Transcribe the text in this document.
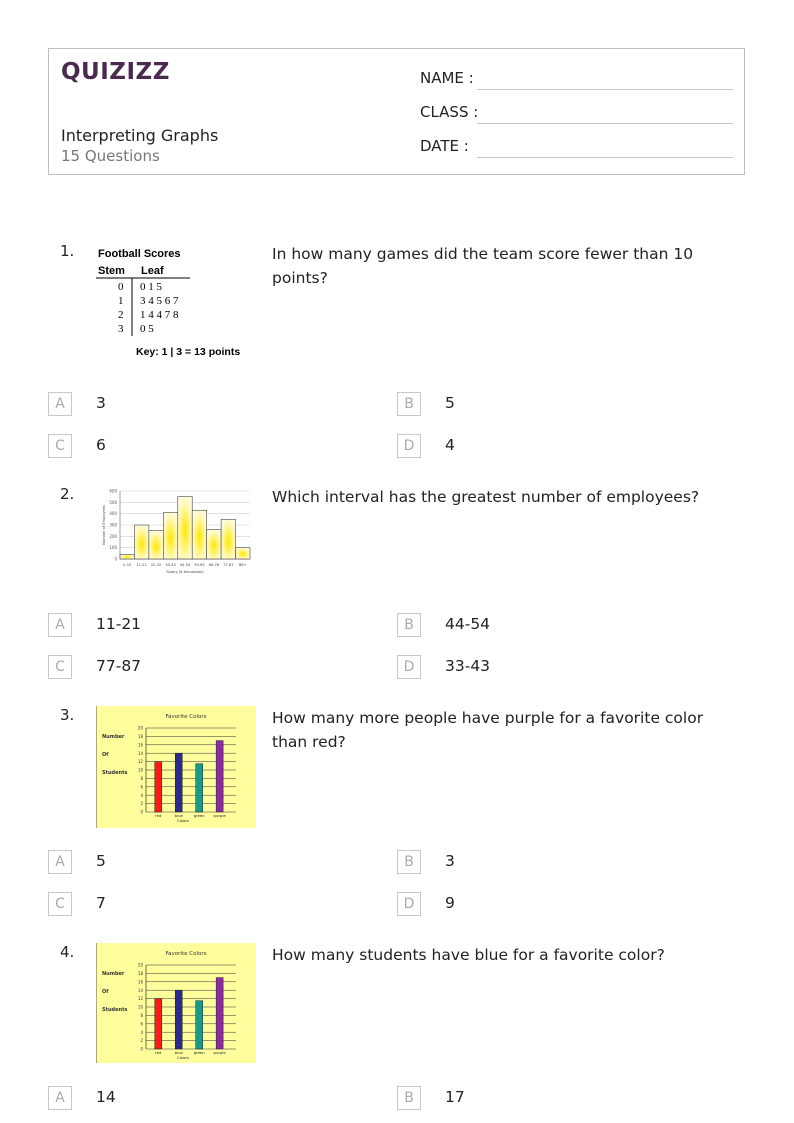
QUIZIZZ
Interpreting Graphs
15 Questions
NAME :
CLASS :
DATE :
1. Football Scores
Stem Leaf
0 0 1 5
1 3 4 5 6 7
2 1 4 4 7 8
3 0 5
Key: 1 | 3 = 13 points
In how many games did the team score fewer than 10 points?
A	3	B	5
C	6	D	4
2.
0
100
200
300
400
500
600
0-10 11-21 22-32 33-43 44-54 55-65 66-76 77-87 88+
Salary ($ thousands)
Number of Employees
Which interval has the greatest number of employees?
A	11-21	B	44-54
C	77-87	D	33-43
3.	Favorite Colors
Number
Of
Students
0
2
4
6
8
10
12
14
16
18
20
red	blue	green purple
Colors
How many more people have purple for a favorite color than red?
A	5	B	3
C	7	D	9
4.	Favorite Colors
Number
Of
Students
0
2
4
6
8
10
12
14
16
18
20
red	blue	green purple
Colors
How many students have blue for a favorite color?
A	14	B	17
